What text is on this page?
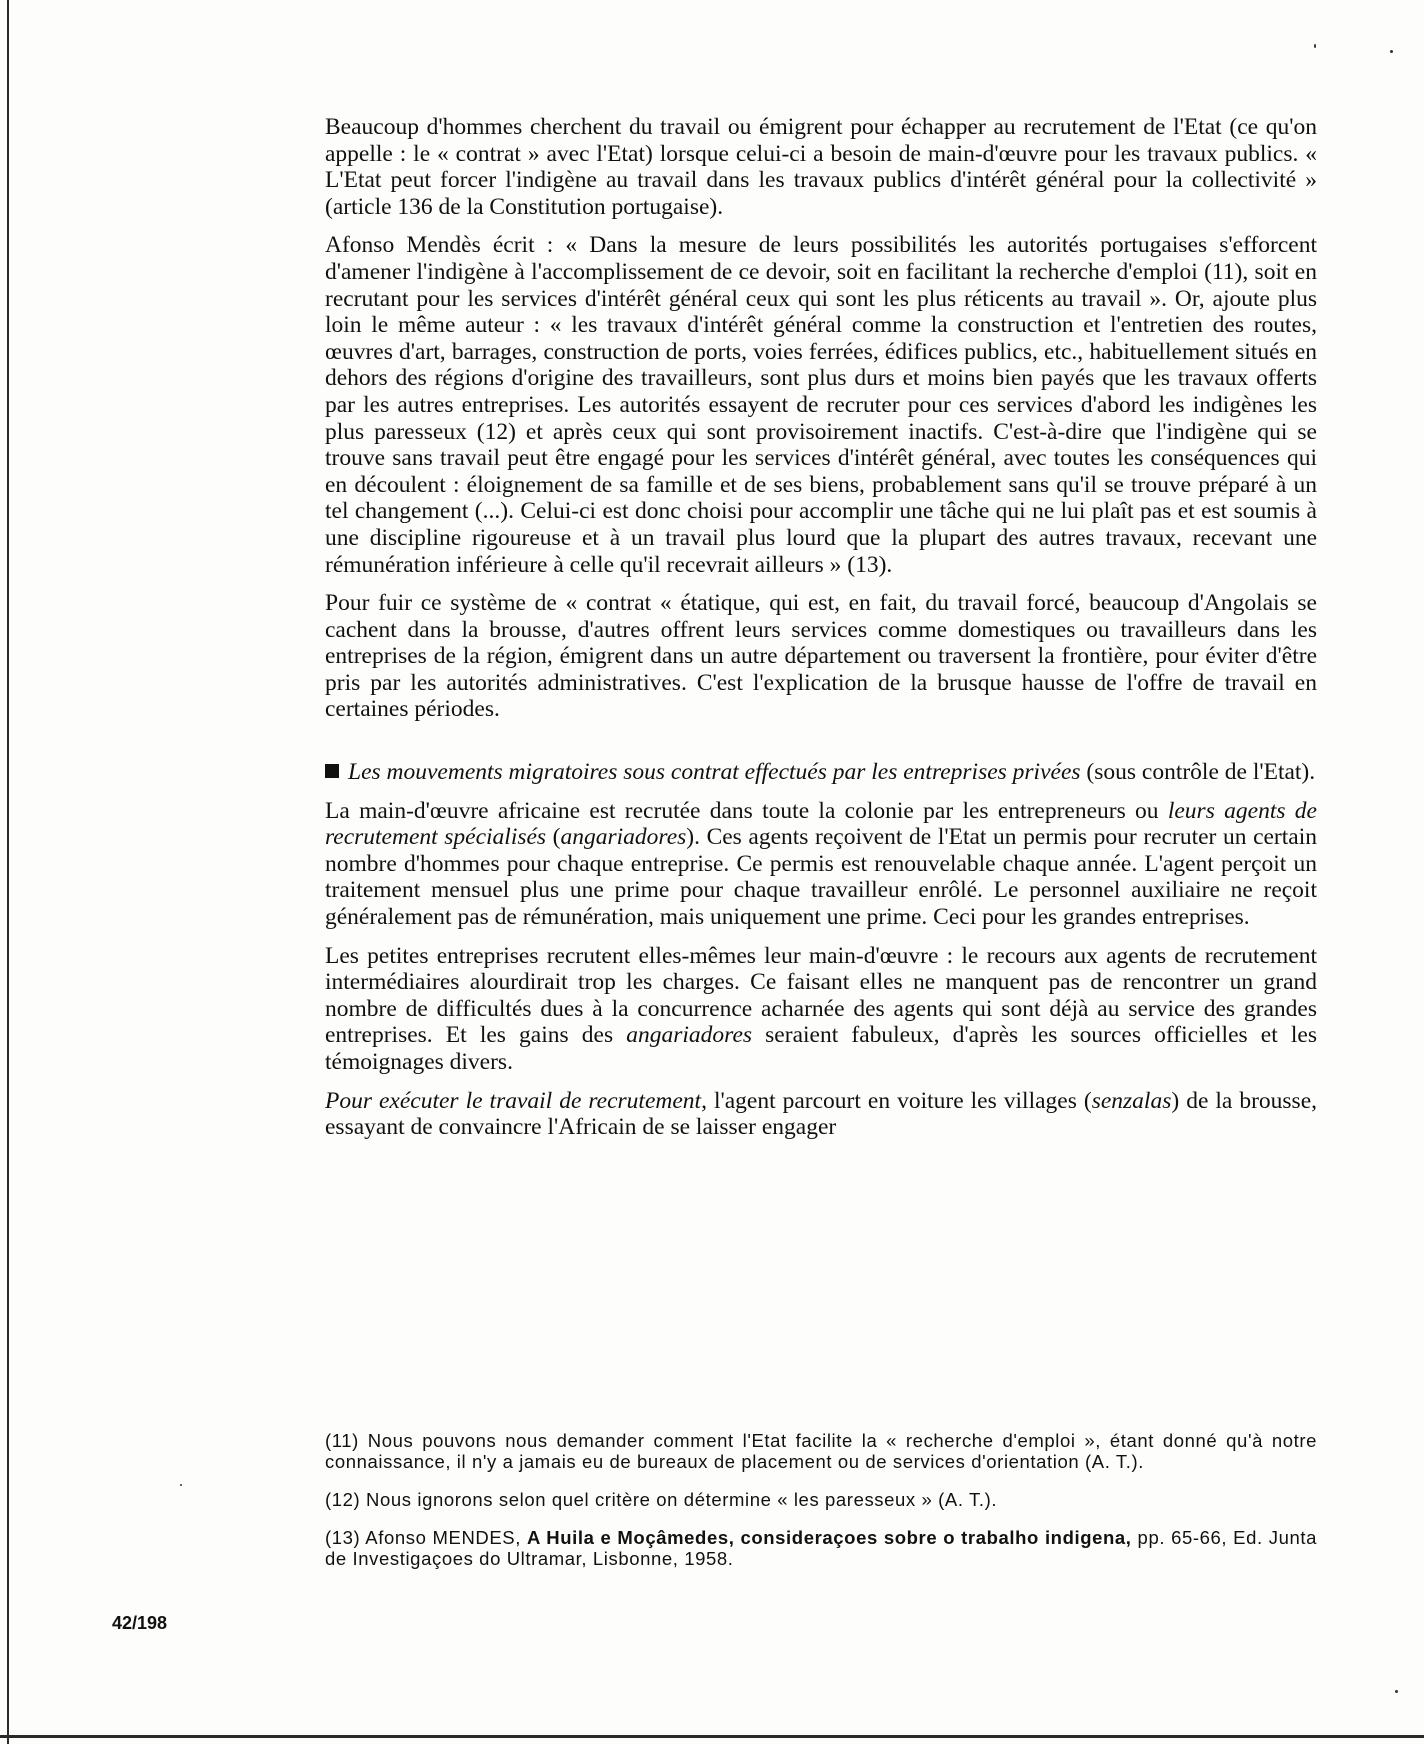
Beaucoup d'hommes cherchent du travail ou émigrent pour échapper au recrutement de l'Etat (ce qu'on appelle : le « contrat » avec l'Etat) lorsque celui-ci a besoin de main-d'œuvre pour les travaux publics. « L'Etat peut forcer l'indigène au travail dans les travaux publics d'intérêt général pour la collectivité » (article 136 de la Constitution portugaise).

Afonso Mendès écrit : « Dans la mesure de leurs possibilités les autorités portugaises s'efforcent d'amener l'indigène à l'accomplissement de ce devoir, soit en facilitant la recherche d'emploi (11), soit en recrutant pour les services d'intérêt général ceux qui sont les plus réticents au travail ». Or, ajoute plus loin le même auteur : « les travaux d'intérêt général comme la construction et l'entretien des routes, œuvres d'art, barrages, construction de ports, voies ferrées, édifices publics, etc., habituellement situés en dehors des régions d'origine des travailleurs, sont plus durs et moins bien payés que les travaux offerts par les autres entreprises. Les autorités essayent de recruter pour ces services d'abord les indigènes les plus paresseux (12) et après ceux qui sont provisoirement inactifs. C'est-à-dire que l'indigène qui se trouve sans travail peut être engagé pour les services d'intérêt général, avec toutes les conséquences qui en découlent : éloignement de sa famille et de ses biens, probablement sans qu'il se trouve préparé à un tel changement (...). Celui-ci est donc choisi pour accomplir une tâche qui ne lui plaît pas et est soumis à une discipline rigoureuse et à un travail plus lourd que la plupart des autres travaux, recevant une rémunération inférieure à celle qu'il recevrait ailleurs » (13).

Pour fuir ce système de « contrat « étatique, qui est, en fait, du travail forcé, beaucoup d'Angolais se cachent dans la brousse, d'autres offrent leurs services comme domestiques ou travailleurs dans les entreprises de la région, émigrent dans un autre département ou traversent la frontière, pour éviter d'être pris par les autorités administratives. C'est l'explication de la brusque hausse de l'offre de travail en certaines périodes.

Les mouvements migratoires sous contrat effectués par les entreprises privées (sous contrôle de l'Etat).

La main-d'œuvre africaine est recrutée dans toute la colonie par les entrepreneurs ou leurs agents de recrutement spécialisés (angariadores). Ces agents reçoivent de l'Etat un permis pour recruter un certain nombre d'hommes pour chaque entreprise. Ce permis est renouvelable chaque année. L'agent perçoit un traitement mensuel plus une prime pour chaque travailleur enrôlé. Le personnel auxiliaire ne reçoit généralement pas de rémunération, mais uniquement une prime. Ceci pour les grandes entreprises.

Les petites entreprises recrutent elles-mêmes leur main-d'œuvre : le recours aux agents de recrutement intermédiaires alourdirait trop les charges. Ce faisant elles ne manquent pas de rencontrer un grand nombre de difficultés dues à la concurrence acharnée des agents qui sont déjà au service des grandes entreprises. Et les gains des angariadores seraient fabuleux, d'après les sources officielles et les témoignages divers.

Pour exécuter le travail de recrutement, l'agent parcourt en voiture les villages (senzalas) de la brousse, essayant de convaincre l'Africain de se laisser engager

(11) Nous pouvons nous demander comment l'Etat facilite la « recherche d'emploi », étant donné qu'à notre connaissance, il n'y a jamais eu de bureaux de placement ou de services d'orientation (A. T.).

(12) Nous ignorons selon quel critère on détermine « les paresseux » (A. T.).

(13) Afonso MENDES, A Huila e Moçâmedes, consideraçoes sobre o trabalho indigena, pp. 65-66, Ed. Junta de Investigaçoes do Ultramar, Lisbonne, 1958.

42/198
